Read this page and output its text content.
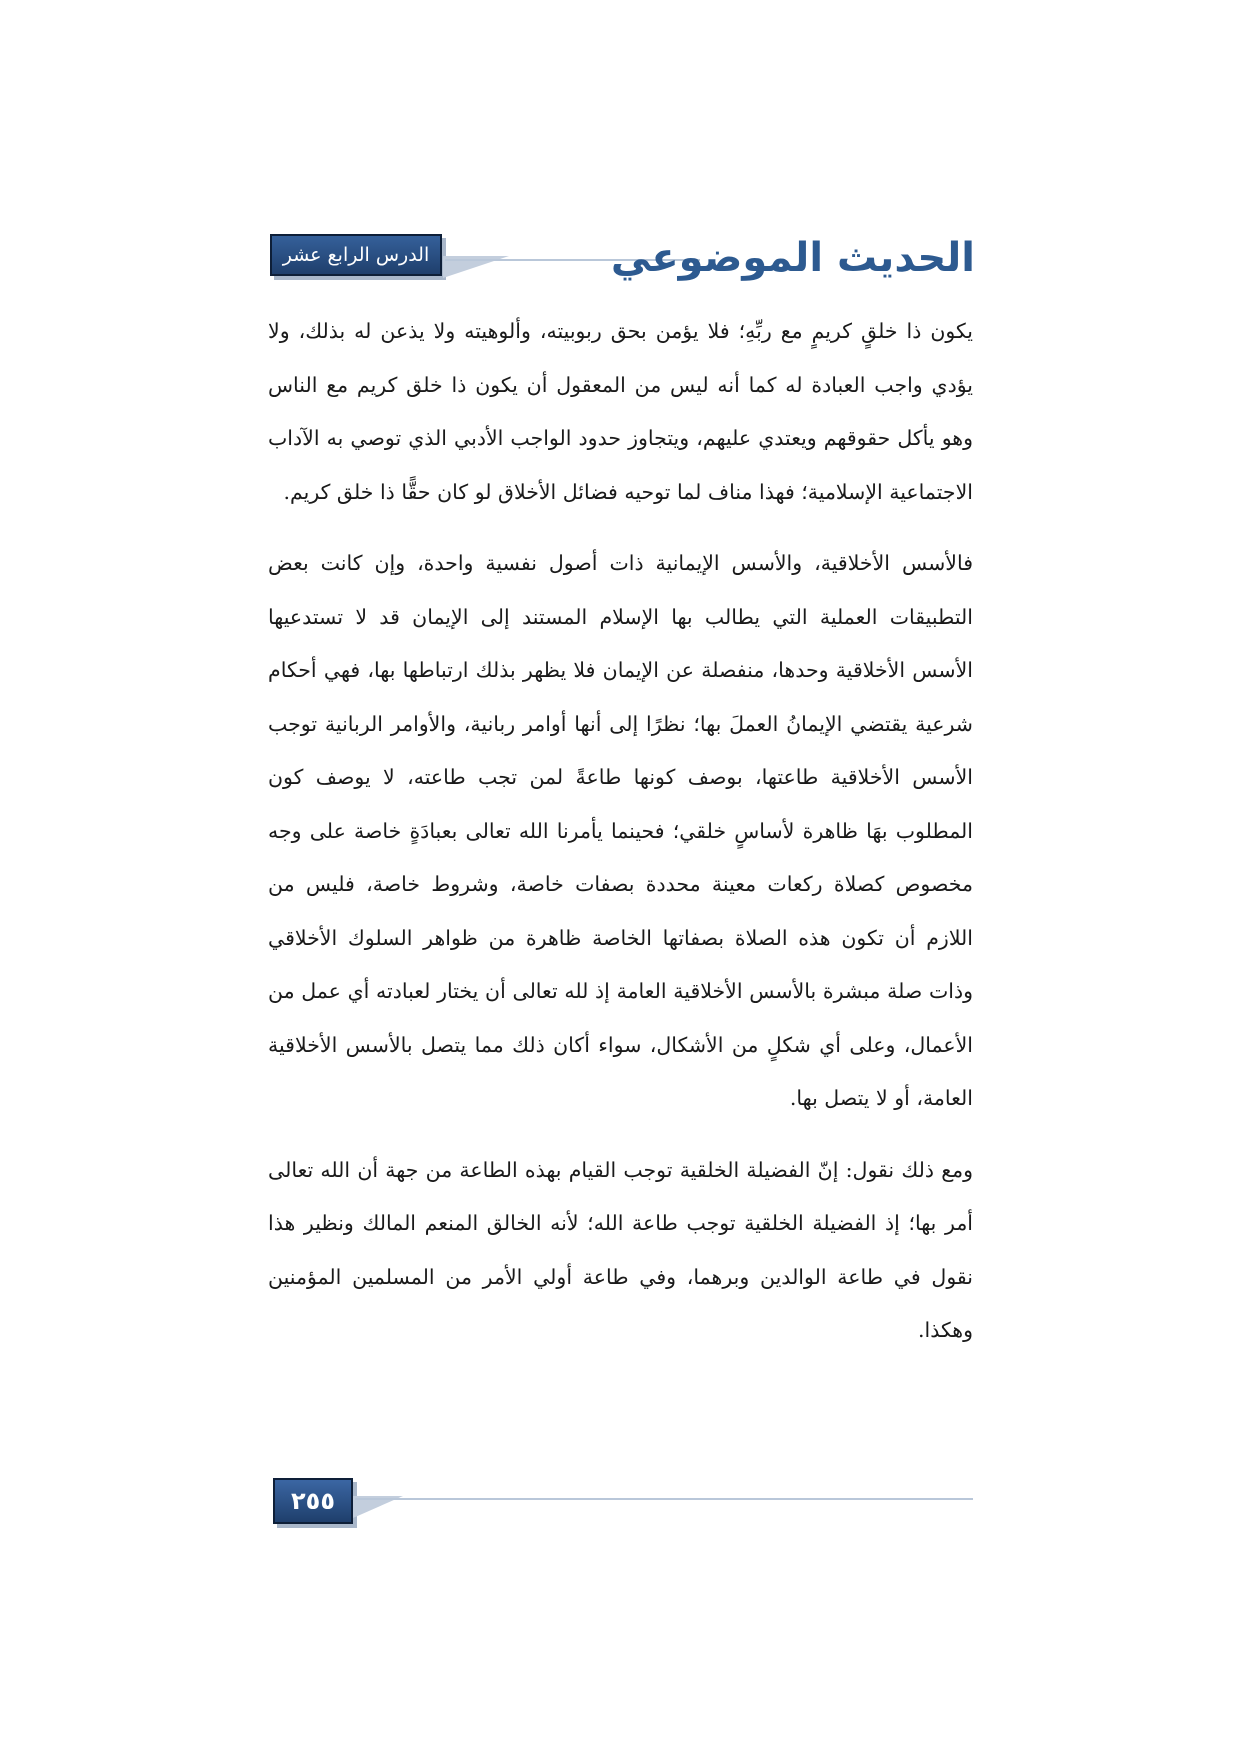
الدرس الرابع عشر	الحديث الموضوعي

يكون ذا خلقٍ كريمٍ مع ربِّهِ؛ فلا يؤمن بحق ربوبيته، وألوهيته ولا يذعن له بذلك، ولا يؤدي واجب العبادة له كما أنه ليس من المعقول أن يكون ذا خلق كريم مع الناس وهو يأكل حقوقهم ويعتدي عليهم، ويتجاوز حدود الواجب الأدبي الذي توصي به الآداب الاجتماعية الإسلامية؛ فهذا مناف لما توحيه فضائل الأخلاق لو كان حقًّا ذا خلق كريم.

فالأسس الأخلاقية، والأسس الإيمانية ذات أصول نفسية واحدة، وإن كانت بعض التطبيقات العملية التي يطالب بها الإسلام المستند إلى الإيمان قد لا تستدعيها الأسس الأخلاقية وحدها، منفصلة عن الإيمان فلا يظهر بذلك ارتباطها بها، فهي أحكام شرعية يقتضي الإيمانُ العملَ بها؛ نظرًا إلى أنها أوامر ربانية، والأوامر الربانية توجب الأسس الأخلاقية طاعتها، بوصف كونها طاعةً لمن تجب طاعته، لا يوصف كون المطلوب بهَا ظاهرة لأساسٍ خلقي؛ فحينما يأمرنا الله تعالى بعبادَةٍ خاصة على وجه مخصوص كصلاة ركعات معينة محددة بصفات خاصة، وشروط خاصة، فليس من اللازم أن تكون هذه الصلاة بصفاتها الخاصة ظاهرة من ظواهر السلوك الأخلاقي وذات صلة مبشرة بالأسس الأخلاقية العامة إذ لله تعالى أن يختار لعبادته أي عمل من الأعمال، وعلى أي شكلٍ من الأشكال، سواء أكان ذلك مما يتصل بالأسس الأخلاقية العامة، أو لا يتصل بها.

ومع ذلك نقول: إنّ الفضيلة الخلقية توجب القيام بهذه الطاعة من جهة أن الله تعالى أمر بها؛ إذ الفضيلة الخلقية توجب طاعة الله؛ لأنه الخالق المنعم المالك ونظير هذا نقول في طاعة الوالدين وبرهما، وفي طاعة أولي الأمر من المسلمين المؤمنين وهكذا.

٢٥٥
